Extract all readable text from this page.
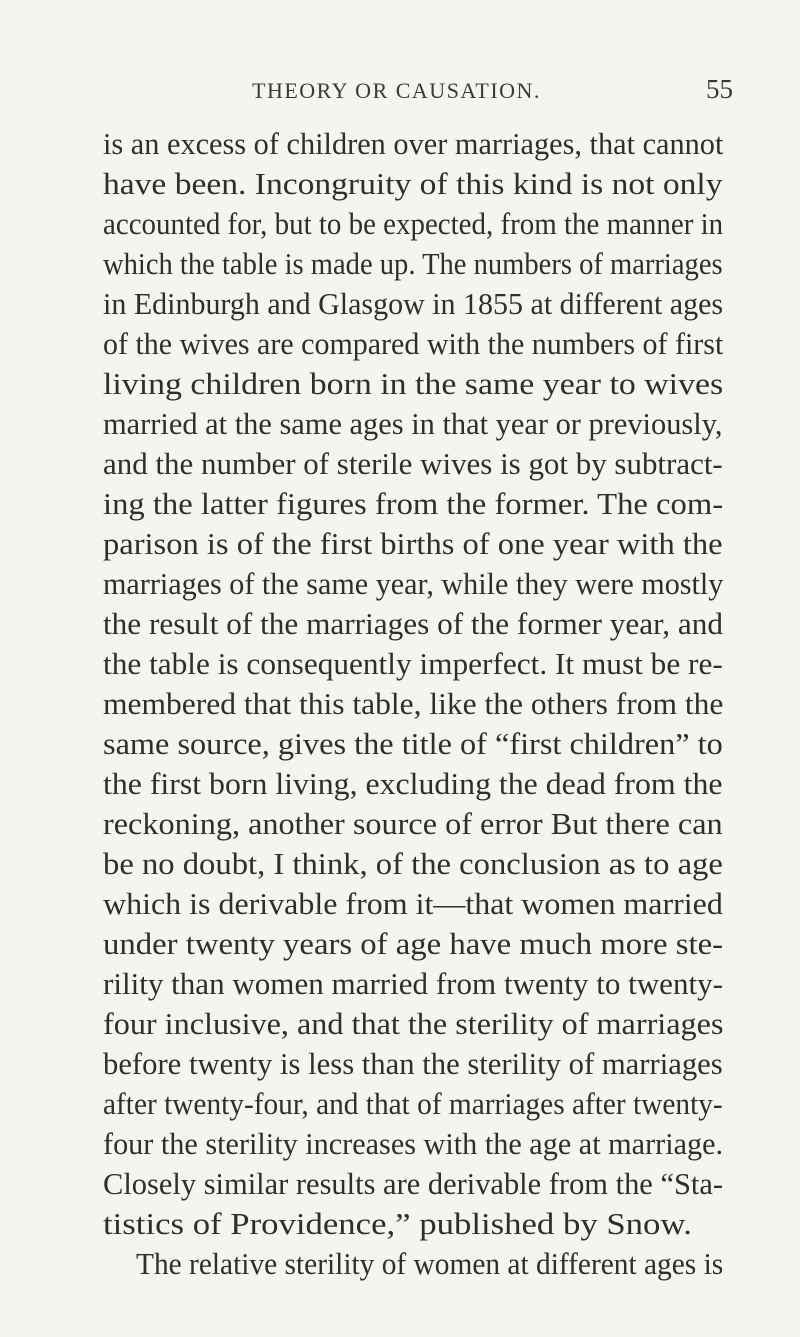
THEORY OR CAUSATION.	55
is an excess of children over marriages, that cannot
have been. Incongruity of this kind is not only
accounted for, but to be expected, from the manner in
which the table is made up. The numbers of marriages
in Edinburgh and Glasgow in 1855 at different ages
of the wives are compared with the numbers of first
living children born in the same year to wives
married at the same ages in that year or previously,
and the number of sterile wives is got by subtract-
ing the latter figures from the former. The com-
parison is of the first births of one year with the
marriages of the same year, while they were mostly
the result of the marriages of the former year, and
the table is consequently imperfect. It must be re-
membered that this table, like the others from the
same source, gives the title of “first children” to
the first born living, excluding the dead from the
reckoning, another source of error But there can
be no doubt, I think, of the conclusion as to age
which is derivable from it—that women married
under twenty years of age have much more ste-
rility than women married from twenty to twenty-
four inclusive, and that the sterility of marriages
before twenty is less than the sterility of marriages
after twenty-four, and that of marriages after twenty-
four the sterility increases with the age at marriage.
Closely similar results are derivable from the “Sta-
tistics of Providence,” published by Snow.
The relative sterility of women at different ages is
